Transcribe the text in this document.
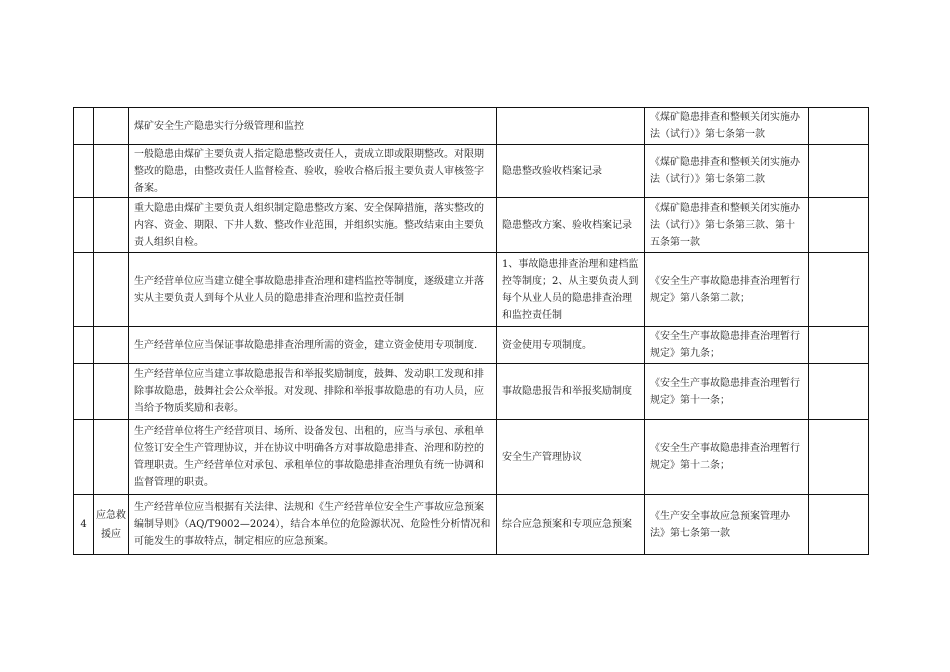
		煤矿安全生产隐患实行分级管理和监控		《煤矿隐患排查和整顿关闭实施办法（试行）》第七条第一款	
		一般隐患由煤矿主要负责人指定隐患整改责任人，责成立即或限期整改。对限期整改的隐患，由整改责任人监督检查、验收，验收合格后报主要负责人审核签字备案。	隐患整改验收档案记录	《煤矿隐患排查和整顿关闭实施办法（试行）》第七条第二款	
		重大隐患由煤矿主要负责人组织制定隐患整改方案、安全保障措施，落实整改的内容、资金、期限、下井人数、整改作业范围，并组织实施。整改结束由主要负责人组织自检。	隐患整改方案、验收档案记录	《煤矿隐患排查和整顿关闭实施办法（试行）》第七条第三款、第十五条第一款	
		生产经营单位应当建立健全事故隐患排查治理和建档监控等制度，逐级建立并落实从主要负责人到每个从业人员的隐患排查治理和监控责任制	1、事故隐患排查治理和建档监控等制度；2、从主要负责人到每个从业人员的隐患排查治理和监控责任制	《安全生产事故隐患排查治理暂行规定》第八条第二款；	
		生产经营单位应当保证事故隐患排查治理所需的资金，建立资金使用专项制度.	资金使用专项制度。	《安全生产事故隐患排查治理暂行规定》第九条；	
		生产经营单位应当建立事故隐患报告和举报奖励制度，鼓舞、发动职工发现和排除事故隐患，鼓舞社会公众举报。对发现、排除和举报事故隐患的有功人员，应当给予物质奖励和表彰。	事故隐患报告和举报奖励制度	《安全生产事故隐患排查治理暂行规定》第十一条；	
		生产经营单位将生产经营项目、场所、设备发包、出租的，应当与承包、承租单位签订安全生产管理协议，并在协议中明确各方对事故隐患排查、治理和防控的管理职责。生产经营单位对承包、承租单位的事故隐患排查治理负有统一协调和监督管理的职责。	安全生产管理协议	《安全生产事故隐患排查治理暂行规定》第十二条；	
4	应急救援应	生产经营单位应当根据有关法律、法规和《生产经营单位安全生产事故应急预案编制导则》（AQ/T9002—2024），结合本单位的危险源状况、危险性分析情况和可能发生的事故特点，制定相应的应急预案。	综合应急预案和专项应急预案	《生产安全事故应急预案管理办法》第七条第一款	
